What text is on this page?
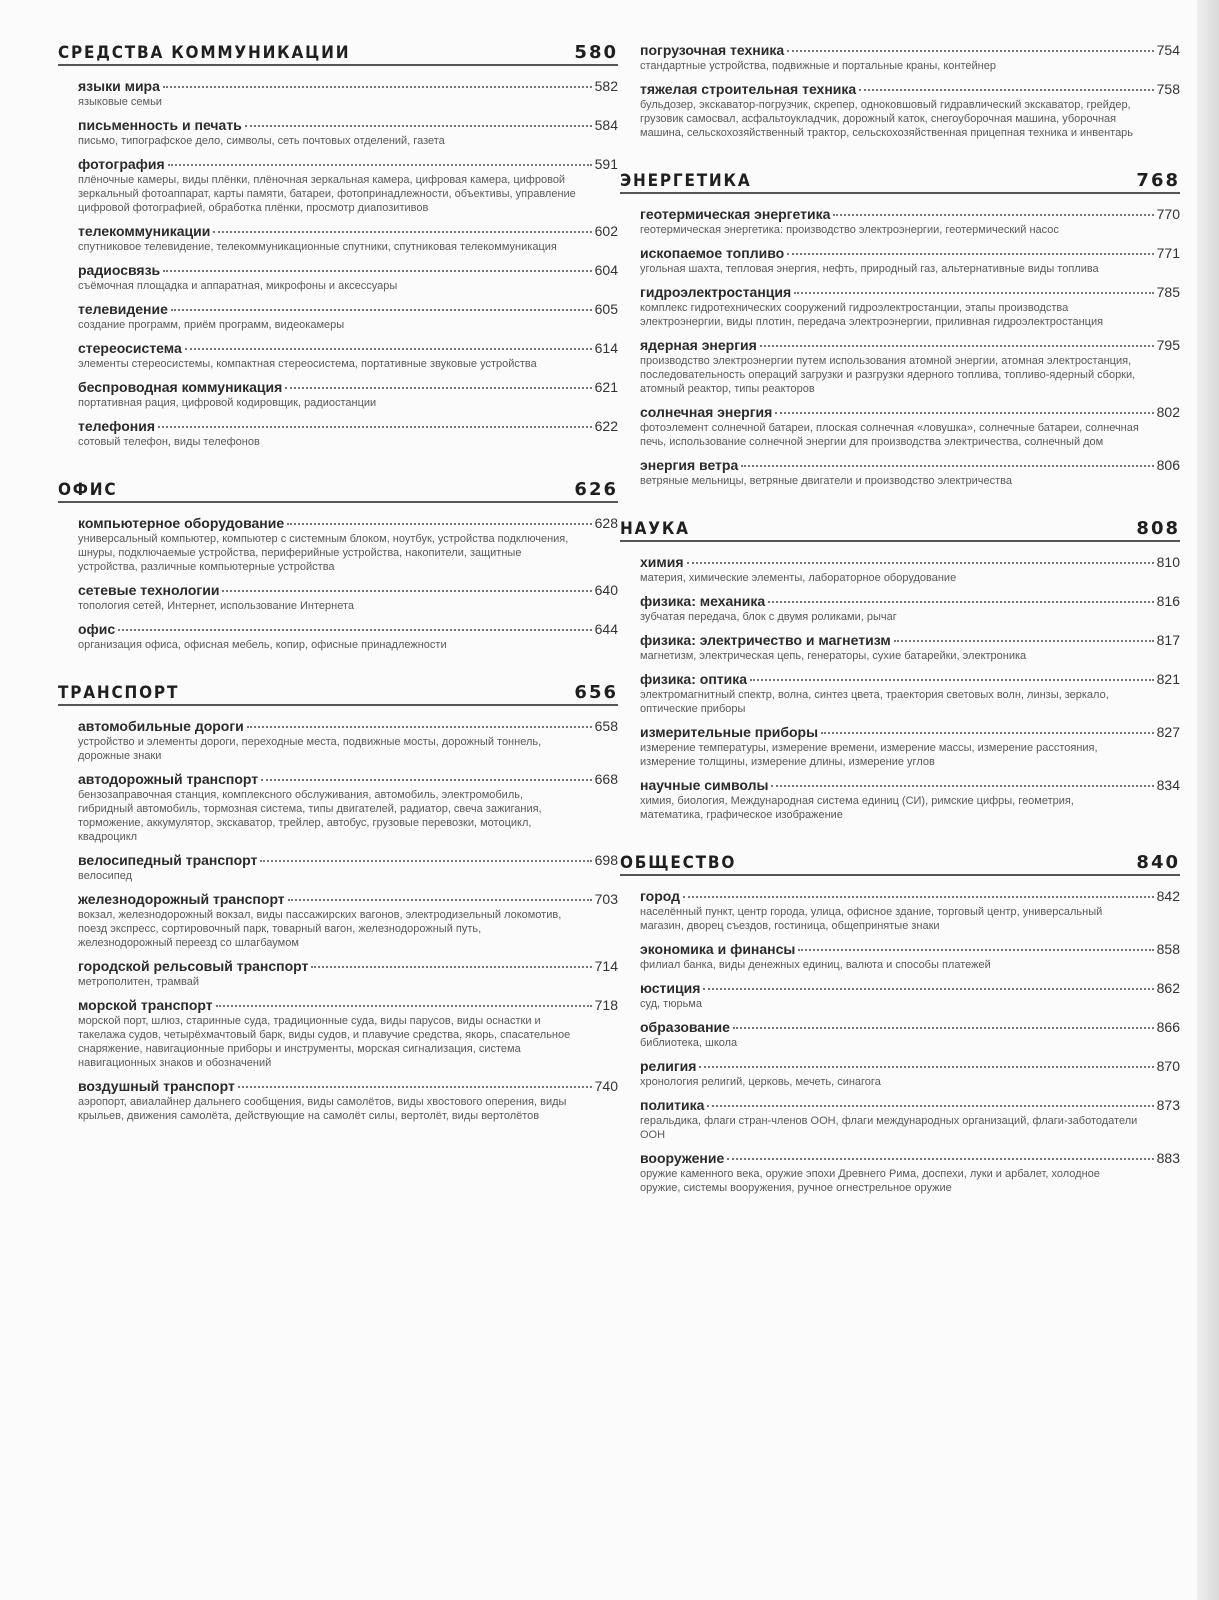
СРЕДСТВА КОММУНИКАЦИИ	580
языки мира	582
языковые семьи
письменность и печать	584
письмо, типографское дело, символы, сеть почтовых отделений, газета
фотография	591
плёночные камеры, виды плёнки, плёночная зеркальная камера, цифровая камера, цифровой зеркальный фотоаппарат, карты памяти, батареи, фотопринадлежности, объективы, управление цифровой фотографией, обработка плёнки, просмотр диапозитивов
телекоммуникации	602
спутниковое телевидение, телекоммуникационные спутники, спутниковая телекоммуникация
радиосвязь	604
съёмочная площадка и аппаратная, микрофоны и аксессуары
телевидение	605
создание программ, приём программ, видеокамеры
стереосистема	614
элементы стереосистемы, компактная стереосистема, портативные звуковые устройства
беспроводная коммуникация	621
портативная рация, цифровой кодировщик, радиостанции
телефония	622
сотовый телефон, виды телефонов
ОФИС	626
компьютерное оборудование	628
универсальный компьютер, компьютер с системным блоком, ноутбук, устройства подключения, шнуры, подключаемые устройства, периферийные устройства, накопители, защитные устройства, различные компьютерные устройства
сетевые технологии	640
топология сетей, Интернет, использование Интернета
офис	644
организация офиса, офисная мебель, копир, офисные принадлежности
ТРАНСПОРТ	656
автомобильные дороги	658
устройство и элементы дороги, переходные места, подвижные мосты, дорожный тоннель, дорожные знаки
автодорожный транспорт	668
бензозаправочная станция, комплексного обслуживания, автомобиль, электромобиль, гибридный автомобиль, тормозная система, типы двигателей, радиатор, свеча зажигания, торможение, аккумулятор, экскаватор, трейлер, автобус, грузовые перевозки, мотоцикл, квадроцикл
велосипедный транспорт	698
велосипед
железнодорожный транспорт	703
вокзал, железнодорожный вокзал, виды пассажирских вагонов, электродизельный локомотив, поезд экспресс, сортировочный парк, товарный вагон, железнодорожный путь, железнодорожный переезд со шлагбаумом
городской рельсовый транспорт	714
метрополитен, трамвай
морской транспорт	718
морской порт, шлюз, старинные суда, традиционные суда, виды парусов, виды оснастки и такелажа судов, четырёхмачтовый барк, виды судов, и плавучие средства, якорь, спасательное снаряжение, навигационные приборы и инструменты, морская сигнализация, система навигационных знаков и обозначений
воздушный транспорт	740
аэропорт, авиалайнер дальнего сообщения, виды самолётов, виды хвостового оперения, виды крыльев, движения самолёта, действующие на самолёт силы, вертолёт, виды вертолётов
погрузочная техника	754
стандартные устройства, подвижные и портальные краны, контейнер
тяжелая строительная техника	758
бульдозер, экскаватор-погрузчик, скрепер, одноковшовый гидравлический экскаватор, грейдер, грузовик самосвал, асфальтоукладчик, дорожный каток, снегоуборочная машина, уборочная машина, сельскохозяйственный трактор, сельскохозяйственная прицепная техника и инвентарь
ЭНЕРГЕТИКА	768
геотермическая энергетика	770
геотермическая энергетика: производство электроэнергии, геотермический насос
ископаемое топливо	771
угольная шахта, тепловая энергия, нефть, природный газ, альтернативные виды топлива
гидроэлектростанция	785
комплекс гидротехнических сооружений гидроэлектростанции, этапы производства электроэнергии, виды плотин, передача электроэнергии, приливная гидроэлектростанция
ядерная энергия	795
производство электроэнергии путем использования атомной энергии, атомная электростанция, последовательность операций загрузки и разгрузки ядерного топлива, топливо-ядерный сборки, атомный реактор, типы реакторов
солнечная энергия	802
фотоэлемент солнечной батареи, плоская солнечная «ловушка», солнечные батареи, солнечная печь, использование солнечной энергии для производства электричества, солнечный дом
энергия ветра	806
ветряные мельницы, ветряные двигатели и производство электричества
НАУКА	808
химия	810
материя, химические элементы, лабораторное оборудование
физика: механика	816
зубчатая передача, блок с двумя роликами, рычаг
физика: электричество и магнетизм	817
магнетизм, электрическая цепь, генераторы, сухие батарейки, электроника
физика: оптика	821
электромагнитный спектр, волна, синтез цвета, траектория световых волн, линзы, зеркало, оптические приборы
измерительные приборы	827
измерение температуры, измерение времени, измерение массы, измерение расстояния, измерение толщины, измерение длины, измерение углов
научные символы	834
химия, биология, Международная система единиц (СИ), римские цифры, геометрия, математика, графическое изображение
ОБЩЕСТВО	840
город	842
населённый пункт, центр города, улица, офисное здание, торговый центр, универсальный магазин, дворец съездов, гостиница, общепринятые знаки
экономика и финансы	858
филиал банка, виды денежных единиц, валюта и способы платежей
юстиция	862
суд, тюрьма
образование	866
библиотека, школа
религия	870
хронология религий, церковь, мечеть, синагога
политика	873
геральдика, флаги стран-членов ООН, флаги международных организаций, флаги-заботодатели ООН
вооружение	883
оружие каменного века, оружие эпохи Древнего Рима, доспехи, луки и арбалет, холодное оружие, системы вооружения, ручное огнестрельное оружие
